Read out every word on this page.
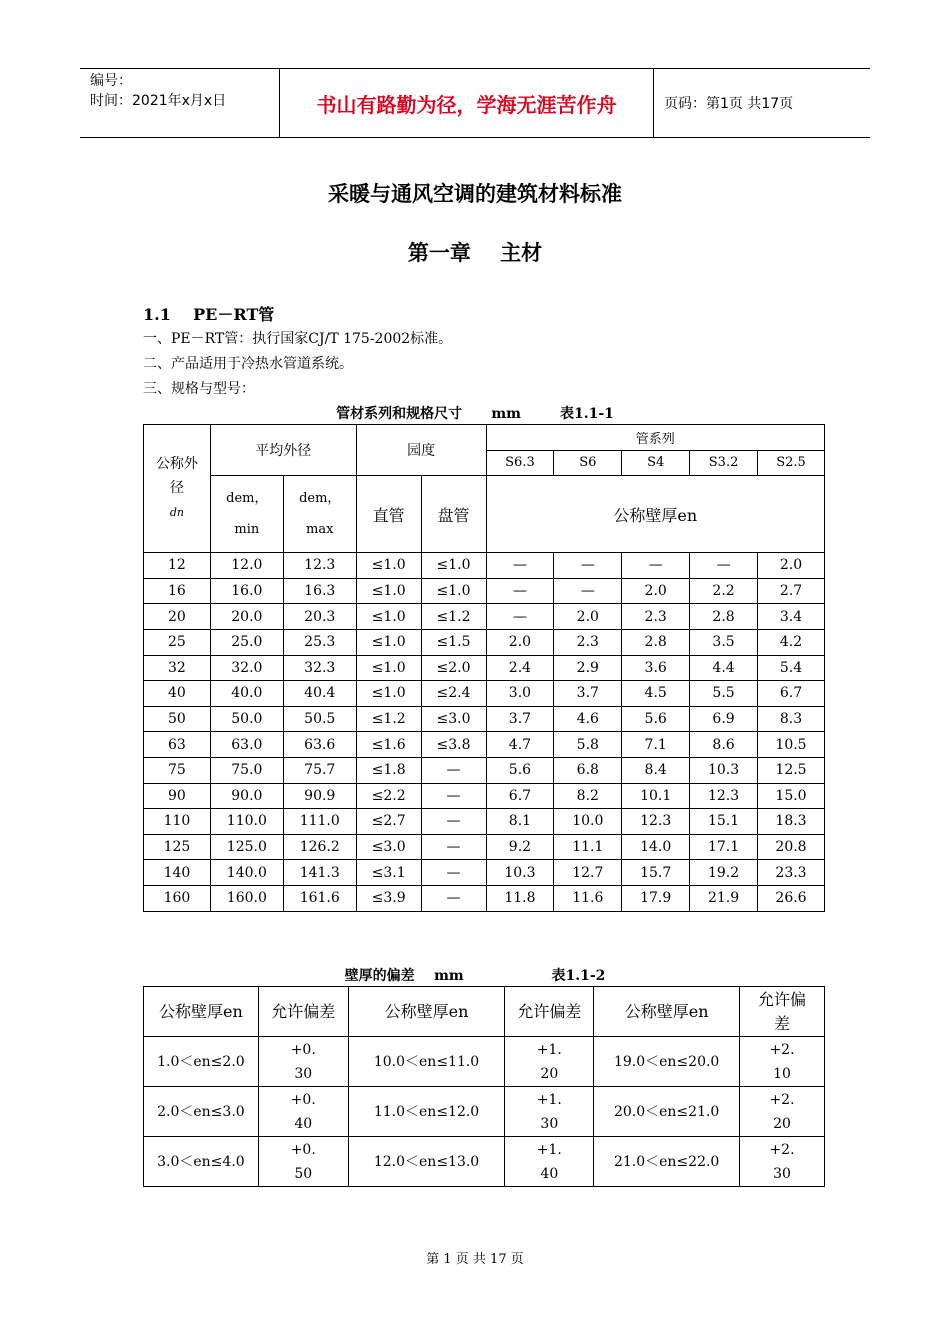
编号：
时间：2021年x月x日	书山有路勤为径，学海无涯苦作舟	页码：第1页 共17页
采暖与通风空调的建筑材料标准
第一章    主材
1.1    PE－RT管
一、PE－RT管：执行国家CJ/T 175-2002标准。
二、产品适用于冷热水管道系统。
三、规格与型号：
管材系列和规格尺寸      mm        表1.1-1
公称外径
dn	平均外径		园度		管系列				
					S6.3	S6	S4	S3.2	S2.5
	dem，min	dem，max	直管	盘管	公称壁厚en				
12	12.0	12.3	≤1.0	≤1.0	—	—	—	—	2.0
16	16.0	16.3	≤1.0	≤1.0	—	—	2.0	2.2	2.7
20	20.0	20.3	≤1.0	≤1.2	—	2.0	2.3	2.8	3.4
25	25.0	25.3	≤1.0	≤1.5	2.0	2.3	2.8	3.5	4.2
32	32.0	32.3	≤1.0	≤2.0	2.4	2.9	3.6	4.4	5.4
40	40.0	40.4	≤1.0	≤2.4	3.0	3.7	4.5	5.5	6.7
50	50.0	50.5	≤1.2	≤3.0	3.7	4.6	5.6	6.9	8.3
63	63.0	63.6	≤1.6	≤3.8	4.7	5.8	7.1	8.6	10.5
75	75.0	75.7	≤1.8	—	5.6	6.8	8.4	10.3	12.5
90	90.0	90.9	≤2.2	—	6.7	8.2	10.1	12.3	15.0
110	110.0	111.0	≤2.7	—	8.1	10.0	12.3	15.1	18.3
125	125.0	126.2	≤3.0	—	9.2	11.1	14.0	17.1	20.8
140	140.0	141.3	≤3.1	—	10.3	12.7	15.7	19.2	23.3
160	160.0	161.6	≤3.9	—	11.8	11.6	17.9	21.9	26.6
壁厚的偏差    mm                  表1.1-2
公称壁厚en	允许偏差	公称壁厚en	允许偏差	公称壁厚en	允许偏差
1.0＜en≤2.0	+0.30	10.0＜en≤11.0	+1.20	19.0＜en≤20.0	+2.10
2.0＜en≤3.0	+0.40	11.0＜en≤12.0	+1.30	20.0＜en≤21.0	+2.20
3.0＜en≤4.0	+0.50	12.0＜en≤13.0	+1.40	21.0＜en≤22.0	+2.30
第 1 页 共 17 页
